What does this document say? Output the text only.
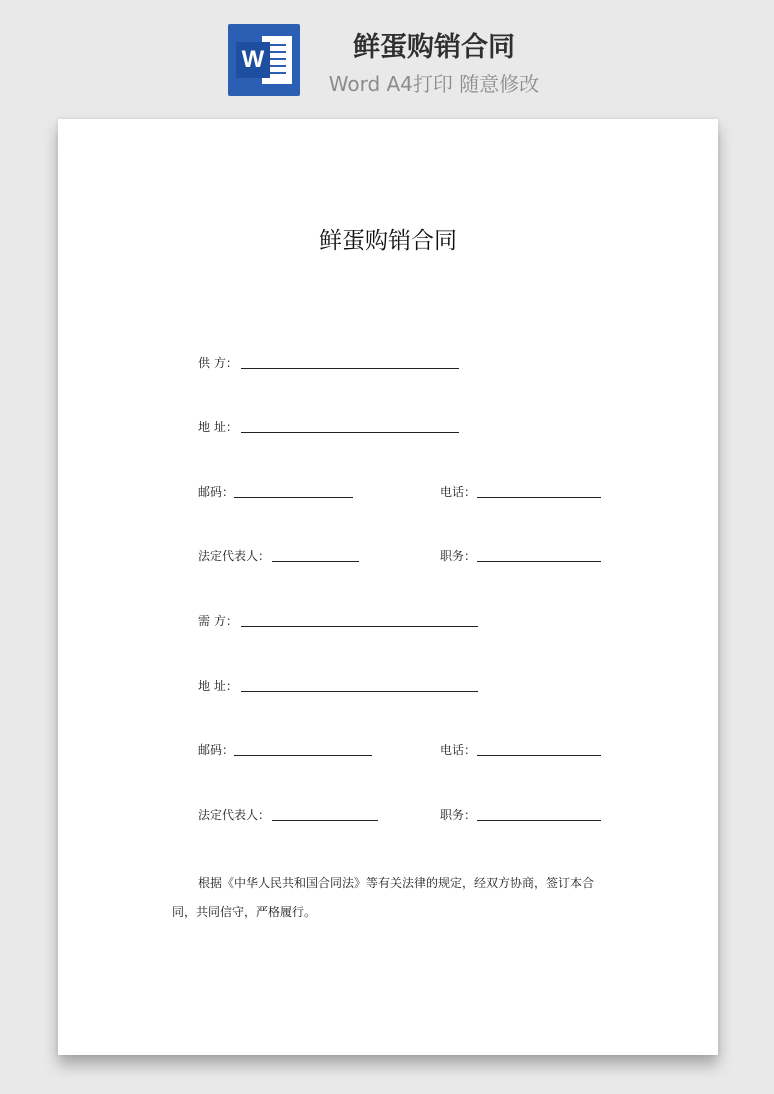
W	鲜蛋购销合同
Word A4打印 随意修改

鲜蛋购销合同
供 方：
地 址：
邮码：	电话：
法定代表人：	职务：
需 方：
地 址：
邮码：	电话：
法定代表人：	职务：
根据《中华人民共和国合同法》等有关法律的规定，经双方协商，签订本合同，共同信守，严格履行。
